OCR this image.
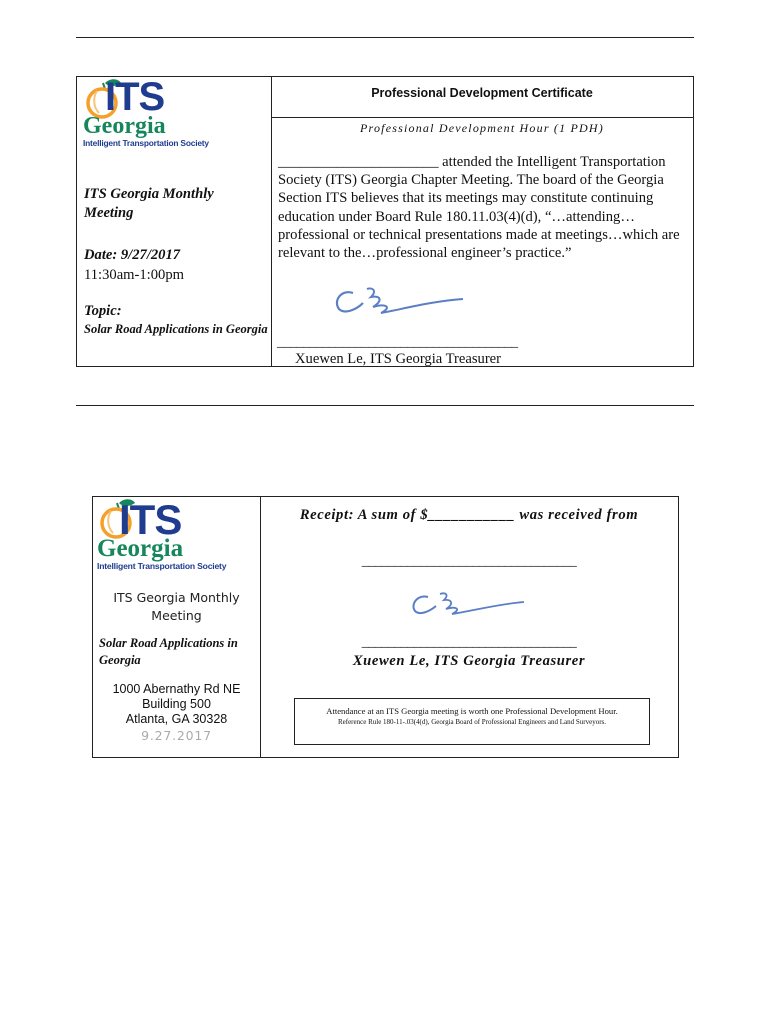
ITS
Georgia
Intelligent Transportation Society
ITS Georgia Monthly Meeting
Date: 9/27/2017
11:30am-1:00pm
Topic:
Solar Road Applications in Georgia
Professional Development Certificate
Professional Development Hour (1 PDH)
______________________ attended the Intelligent Transportation Society (ITS) Georgia Chapter Meeting. The board of the Georgia Section ITS believes that its meetings may constitute continuing education under Board Rule 180.11.03(4)(d), “…attending…professional or technical presentations made at meetings…which are relevant to the…professional engineer’s practice.”
_____________________________________
Xuewen Le, ITS Georgia Treasurer
ITS
Georgia
Intelligent Transportation Society
ITS Georgia Monthly Meeting
Solar Road Applications in Georgia
1000 Abernathy Rd NE
Building 500
Atlanta, GA 30328
9.27.2017
Receipt: A sum of $___________ was received from
_________________________________
_________________________________
Xuewen Le, ITS Georgia Treasurer
Attendance at an ITS Georgia meeting is worth one Professional Development Hour.
Reference Rule 180-11-.03(4(d), Georgia Board of Professional Engineers and Land Surveyors.
